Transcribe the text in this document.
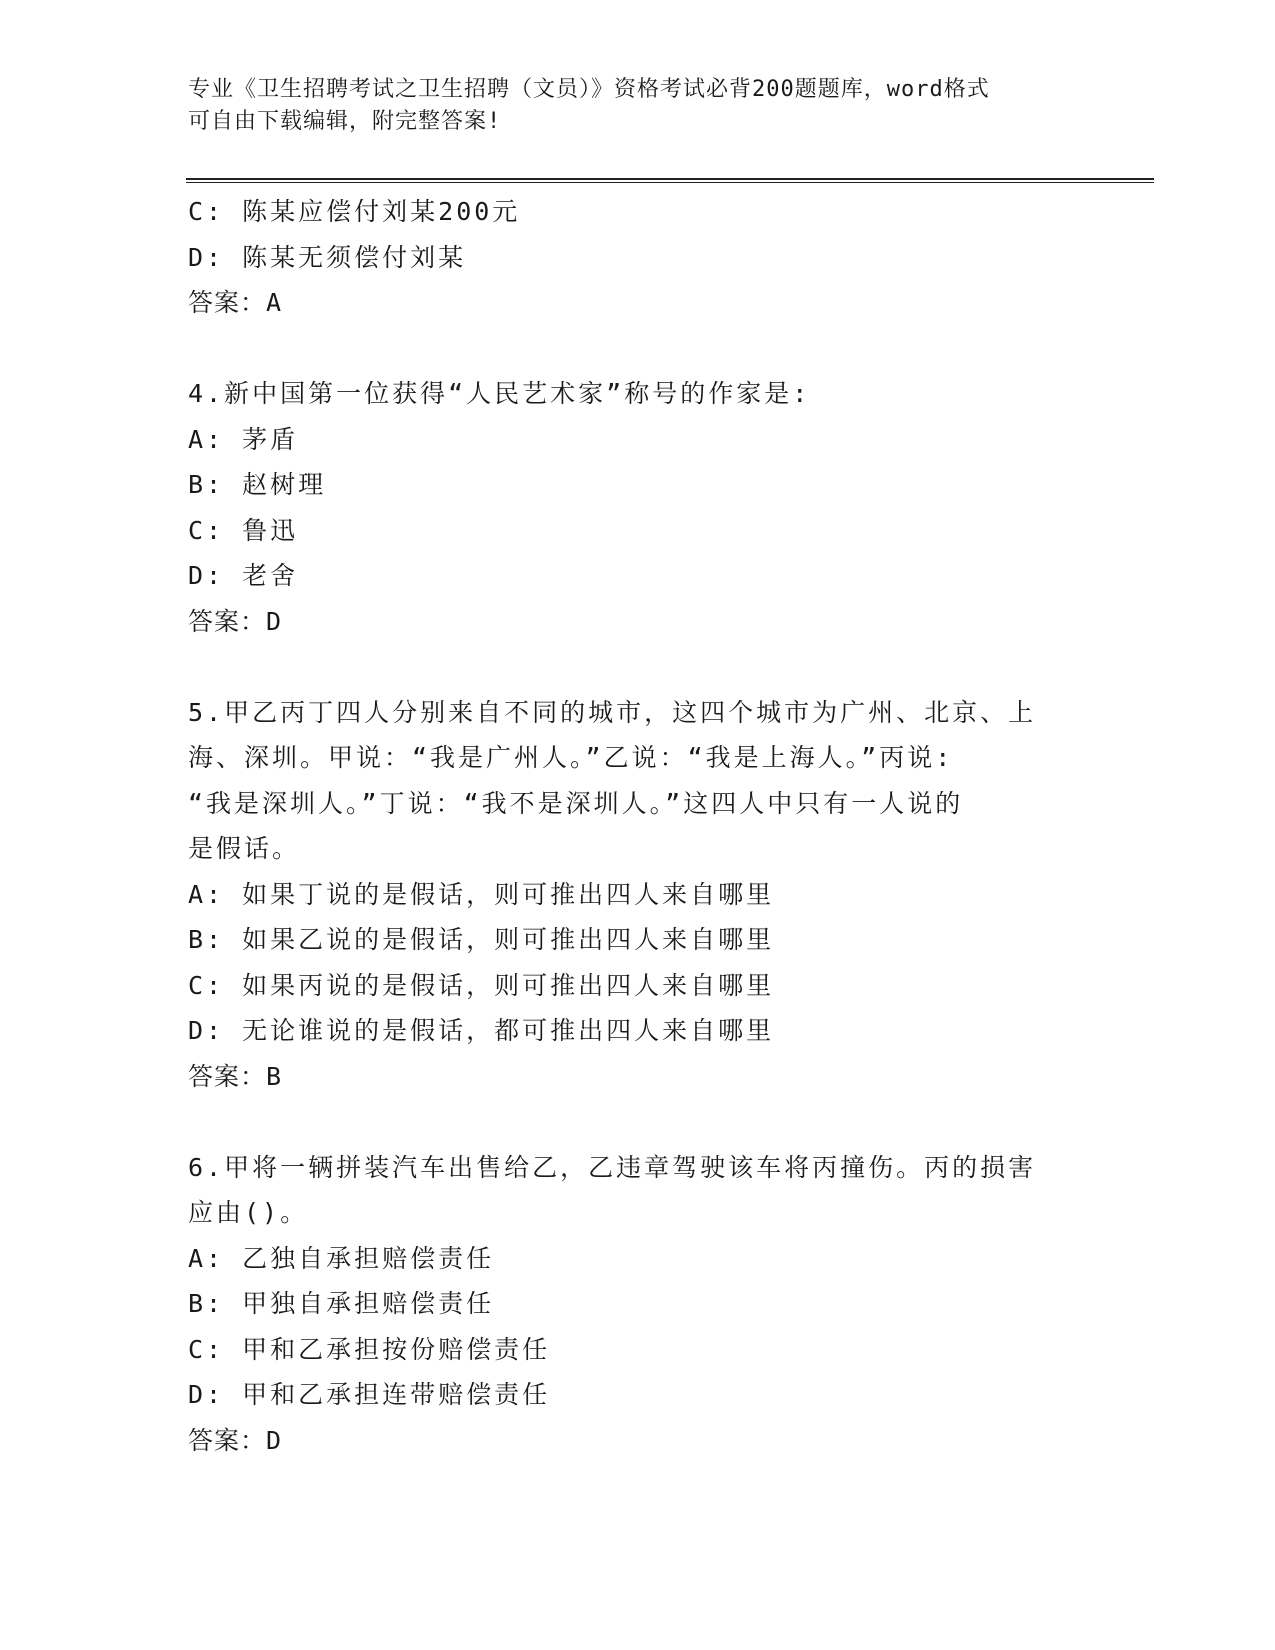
专业《卫生招聘考试之卫生招聘（文员）》资格考试必背200题题库，word格式
可自由下载编辑，附完整答案!

C: 陈某应偿付刘某200元

D: 陈某无须偿付刘某

答案：A

4.新中国第一位获得“人民艺术家”称号的作家是:

A: 茅盾

B: 赵树理

C: 鲁迅

D: 老舍

答案：D

5.甲乙丙丁四人分别来自不同的城市，这四个城市为广州、北京、上

海、深圳。甲说：“我是广州人。”乙说：“我是上海人。”丙说:

“我是深圳人。”丁说：“我不是深圳人。”这四人中只有一人说的

是假话。

A: 如果丁说的是假话，则可推出四人来自哪里

B: 如果乙说的是假话，则可推出四人来自哪里

C: 如果丙说的是假话，则可推出四人来自哪里

D: 无论谁说的是假话，都可推出四人来自哪里

答案：B

6.甲将一辆拼装汽车出售给乙，乙违章驾驶该车将丙撞伤。丙的损害

应由()。

A: 乙独自承担赔偿责任

B: 甲独自承担赔偿责任

C: 甲和乙承担按份赔偿责任

D: 甲和乙承担连带赔偿责任

答案：D
